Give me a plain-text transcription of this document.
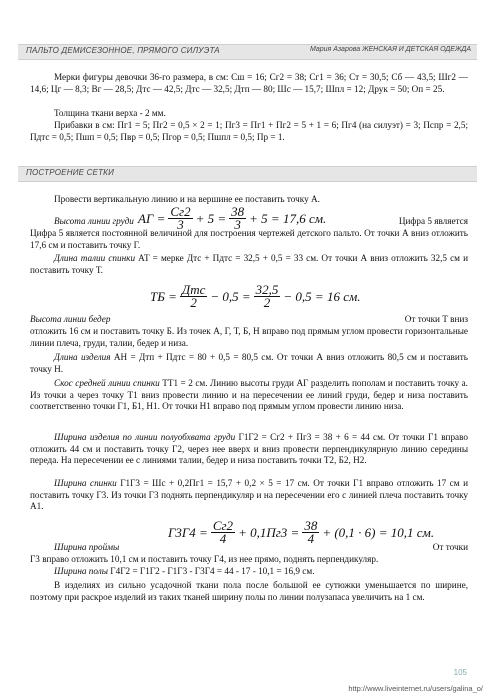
ПАЛЬТО ДЕМИСЕЗОННОЕ, ПРЯМОГО СИЛУЭТА	Мария Азарова ЖЕНСКАЯ И ДЕТСКАЯ ОДЕЖДА
Мерки фигуры девочки 36-го размера, в см: Сш = 16; Сг2 = 38; Сг1 = 36; Ст = 30,5; Сб — 43,5; Шг2 — 14,6; Цг — 8,3; Вг — 28,5; Дтс — 42,5; Дтс — 32,5; Дтп — 80; Шс — 15,7; Шпл = 12; Друк = 50; Оп = 25.
Толщина ткани верха - 2 мм.
Прибавки в см: Пг1 = 5; Пг2 = 0,5 × 2 = 1; Пг3 = Пг1 + Пг2 = 5 + 1 = 6; Пг4 (на силуэт) = 3; Пспр = 2,5; Пдтс = 0,5; Пшп = 0,5; Пвр = 0,5; Пгор = 0,5; Пшпл = 0,5; Пр = 1.
ПОСТРОЕНИЕ СЕТКИ
Провести вертикальную линию и на вершине ее поставить точку А.
Высота линии груди АГ = $\frac{Сг2}{3} + 5 = \frac{38}{3} + 5 = 17,6$ см.	Цифра 5 является
Цифра 5 является постоянной величиной для построения чертежей детского пальто. От точки А вниз отложить 17,6 см и поставить точку Г.
Длина талии спинки АТ = мерке Дтс + Пдтс = 32,5 + 0,5 = 33 см. От точки А вниз отложить 32,5 см и поставить точку Т.
ТБ = $\frac{\text{Дтс}}{2} - 0,5 = \frac{32,5}{2} - 0,5 = 16$ см.
Высота линии бедер	От точки Т вниз
отложить 16 см и поставить точку Б. Из точек А, Г, Т, Б, Н вправо под прямым углом провести горизонтальные линии плеча, груди, талии, бедер и низа.
Длина изделия АН = Дтп + Пдтс = 80 + 0,5 = 80,5 см. От точки А вниз отложить 80,5 см и поставить точку Н.
Скос средней линии спинки ТТ1 = 2 см. Линию высоты груди АГ разделить пополам и поставить точку а. Из точки а через точку Т1 вниз провести линию и на пересечении ее линий груди, бедер и низа поставить соответственно точки Г1, Б1, Н1. От точки Н1 вправо под прямым углом провести линию низа.
Ширина изделия по линии полуобхвата груди Г1Г2 = Сг2 + Пг3 = 38 + 6 = 44 см. От точки Г1 вправо отложить 44 см и поставить точку Г2, через нее вверх и вниз провести перпендикулярную линию середины переда. На пересечении ее с линиями талии, бедер и низа поставить точки Т2, Б2, Н2.
Ширина спинки Г1Г3 = Шс + 0,2Пг1 = 15,7 + 0,2 × 5 = 17 см. От точки Г1 вправо отложить 17 см и поставить точку Г3. Из точки Г3 поднять перпендикуляр и на пересечении его с линией плеча поставить точку А1.
$Г3Г4 = \frac{Сг2}{4} + 0,1Пг3 = \frac{38}{4} + (0,1 \cdot 6) = 10,1$ см.
Ширина проймы	От точки
Г3 вправо отложить 10,1 см и поставить точку Г4, из нее прямо, поднять перпендикуляр.
Ширина полы Г4Г2 = Г1Г2 - Г1Г3 - Г3Г4 = 44 - 17 - 10,1 = 16,9 см.
В изделиях из сильно усадочной ткани пола после большой ее сутюжки уменьшается по ширине, поэтому при раскрое изделий из таких тканей ширину полы по линии полузапаса увеличить на 1 см.
105
http://www.liveinternet.ru/users/galina_o/
